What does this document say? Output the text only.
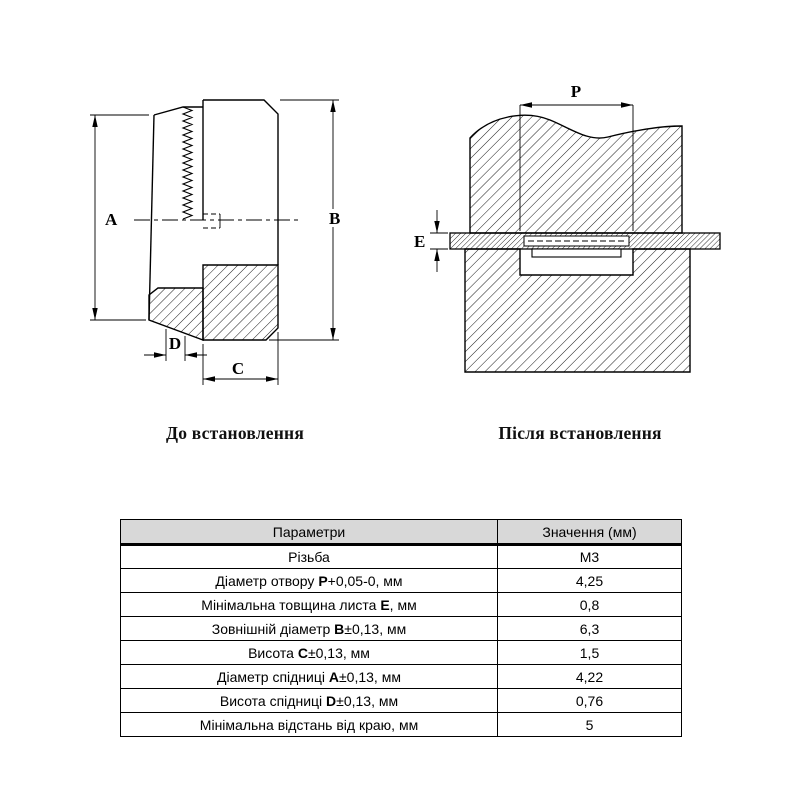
A	B
C
D
P
E
До встановлення	Після встановлення
Параметри	Значення (мм)
Різьба	М3
Діаметр отвору P+0,05-0, мм	4,25
Мінімальна товщина листа E, мм	0,8
Зовнішній діаметр B±0,13, мм	6,3
Висота C±0,13, мм	1,5
Діаметр спідниці A±0,13, мм	4,22
Висота спідниці D±0,13, мм	0,76
Мінімальна відстань від краю, мм	5
